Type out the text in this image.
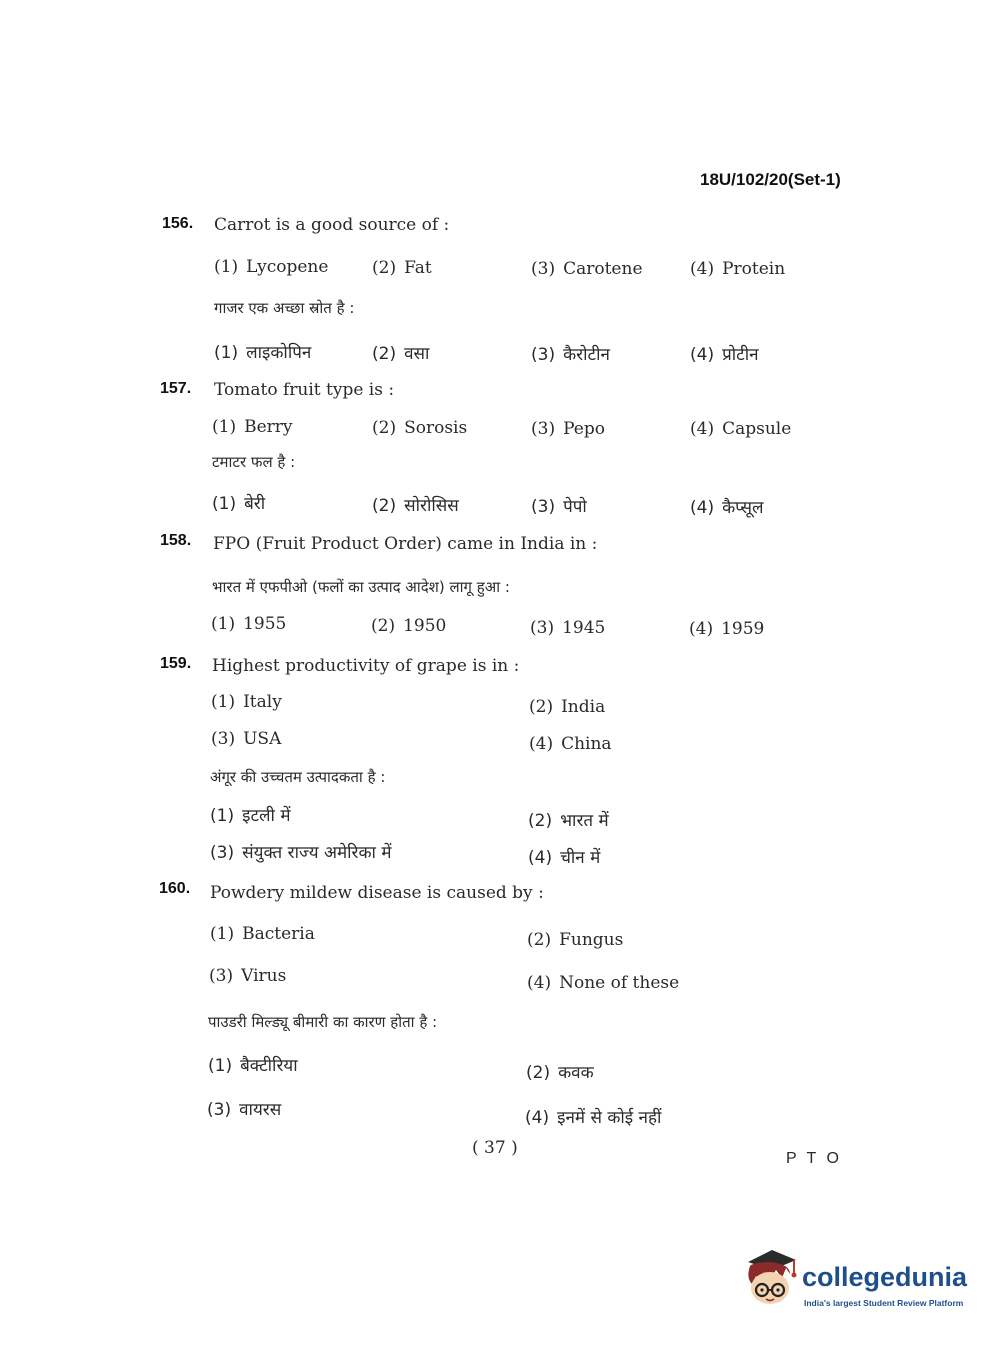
18U/102/20(Set-1)
156. Carrot is a good source of :
(1) Lycopene	(2) Fat	(3) Carotene	(4) Protein
गाजर एक अच्छा स्रोत है :
(1) लाइकोपिन	(2) वसा	(3) कैरोटीन	(4) प्रोटीन
157. Tomato fruit type is :
(1) Berry	(2) Sorosis	(3) Pepo	(4) Capsule
टमाटर फल है :
(1) बेरी	(2) सोरोसिस	(3) पेपो	(4) कैप्सूल
158. FPO (Fruit Product Order) came in India in :
भारत में एफपीओ (फलों का उत्पाद आदेश) लागू हुआ :
(1) 1955	(2) 1950	(3) 1945	(4) 1959
159. Highest productivity of grape is in :
(1) Italy	(2) India
(3) USA	(4) China
अंगूर की उच्चतम उत्पादकता है :
(1) इटली में	(2) भारत में
(3) संयुक्त राज्य अमेरिका में	(4) चीन में
160. Powdery mildew disease is caused by :
(1) Bacteria	(2) Fungus
(3) Virus	(4) None of these
पाउडरी मिल्ड्यू बीमारी का कारण होता है :
(1) बैक्टीरिया	(2) कवक
(3) वायरस	(4) इनमें से कोई नहीं
( 37 )
P T O
collegedunia
India's largest Student Review Platform
